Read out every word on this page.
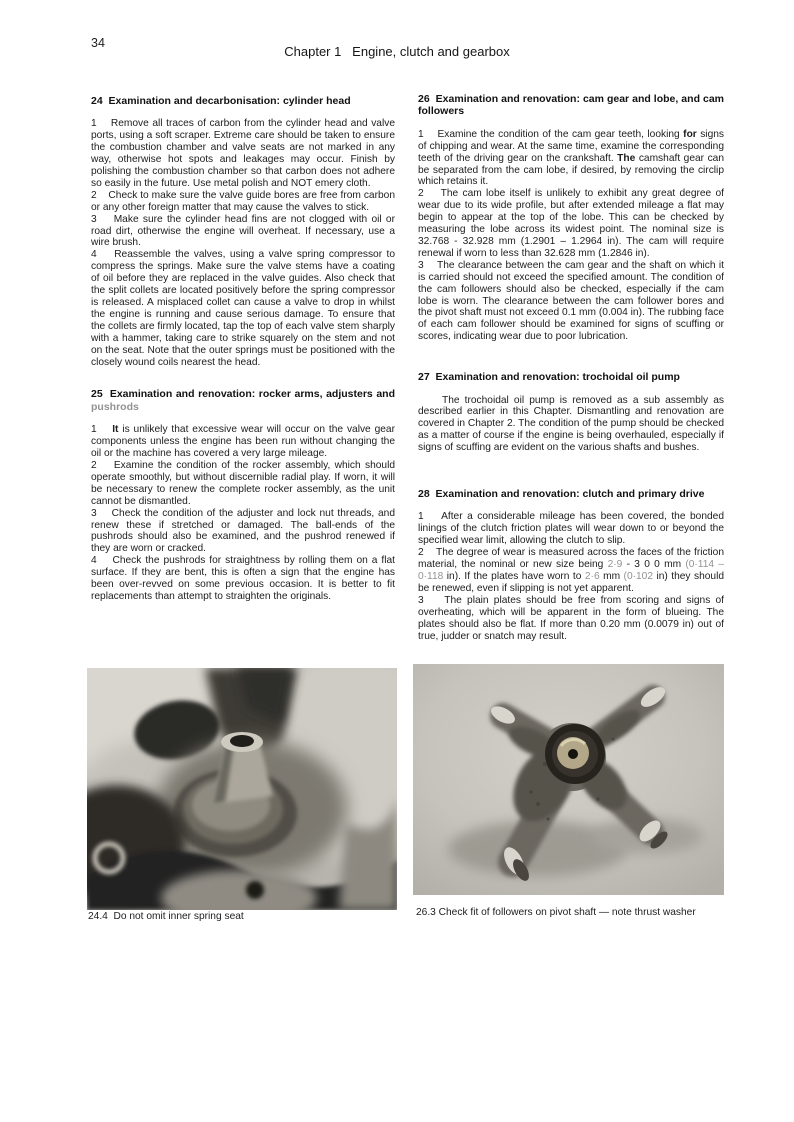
34
Chapter 1   Engine, clutch and gearbox
24  Examination and decarbonisation: cylinder head

1    Remove all traces of carbon from the cylinder head and valve ports, using a soft scraper. Extreme care should be taken to ensure the combustion chamber and valve seats are not marked in any way, otherwise hot spots and leakages may occur. Finish by polishing the combustion chamber so that carbon does not adhere so easily in the future. Use metal polish and NOT emery cloth.

2    Check to make sure the valve guide bores are free from carbon or any other foreign matter that may cause the valves to stick.

3    Make sure the cylinder head fins are not clogged with oil or road dirt, otherwise the engine will overheat. If necessary, use a wire brush.

4    Reassemble the valves, using a valve spring compressor to compress the springs. Make sure the valve stems have a coating of oil before they are replaced in the valve guides. Also check that the split collets are located positively before the spring compressor is released. A misplaced collet can cause a valve to drop in whilst the engine is running and cause serious damage. To ensure that the collets are firmly located, tap the top of each valve stem sharply with a hammer, taking care to strike squarely on the stem and not on the seat. Note that the outer springs must be positioned with the closely wound coils nearest the head.

25  Examination and renovation: rocker arms, adjusters and pushrods

1    It is unlikely that excessive wear will occur on the valve gear components unless the engine has been run without changing the oil or the machine has covered a very large mileage.

2    Examine the condition of the rocker assembly, which should operate smoothly, but without discernible radial play. If worn, it will be necessary to renew the complete rocker assembly, as the unit cannot be dismantled.

3    Check the condition of the adjuster and lock nut threads, and renew these if stretched or damaged. The ball-ends of the pushrods should also be examined, and the pushrod renewed if they are worn or cracked.

4    Check the pushrods for straightness by rolling them on a flat surface. If they are bent, this is often a sign that the engine has been over-revved on some previous occasion. It is better to fit replacements than attempt to straighten the originals.

26  Examination and renovation: cam gear and lobe, and cam followers

1    Examine the condition of the cam gear teeth, looking for signs of chipping and wear. At the same time, examine the corresponding teeth of the driving gear on the crankshaft. The camshaft gear can be separated from the cam lobe, if desired, by removing the circlip which retains it.

2    The cam lobe itself is unlikely to exhibit any great degree of wear due to its wide profile, but after extended mileage a flat may begin to appear at the top of the lobe. This can be checked by measuring the lobe across its widest point. The nominal size is 32.768 - 32.928 mm (1.2901 – 1.2964 in). The cam will require renewal if worn to less than 32.628 mm (1.2846 in).

3    The clearance between the cam gear and the shaft on which it is carried should not exceed the specified amount. The condition of the cam followers should also be checked, especially if the cam lobe is worn. The clearance between the cam follower bores and the pivot shaft must not exceed 0.1 mm (0.004 in). The rubbing face of each cam follower should be examined for signs of scuffing or scores, indicating wear due to poor lubrication.

27  Examination and renovation: trochoidal oil pump

The trochoidal oil pump is removed as a sub assembly as described earlier in this Chapter. Dismantling and renovation are covered in Chapter 2. The condition of the pump should be checked as a matter of course if the engine is being overhauled, especially if signs of scuffing are evident on the various shafts and bushes.

28  Examination and renovation: clutch and primary drive

1    After a considerable mileage has been covered, the bonded linings of the clutch friction plates will wear down to or beyond the specified wear limit, allowing the clutch to slip.

2    The degree of wear is measured across the faces of the friction material, the nominal or new size being 2·9 - 3 0 0 mm (0·114 – 0·118 in). If the plates have worn to 2·6 mm (0·102 in) they should be renewed, even if slipping is not yet apparent.

3    The plain plates should be free from scoring and signs of overheating, which will be apparent in the form of blueing. The plates should also be flat. If more than 0.20 mm (0.0079 in) out of true, judder or snatch may result.

24.4  Do not omit inner spring seat	26.3 Check fit of followers on pivot shaft — note thrust washer
